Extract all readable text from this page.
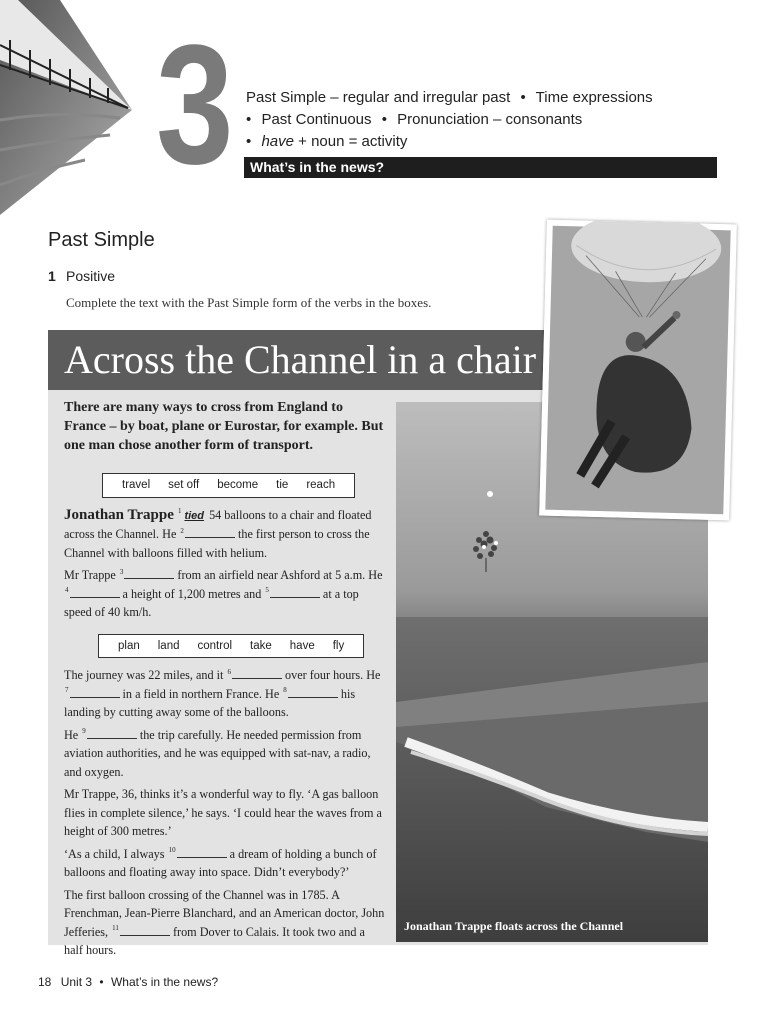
3 Past Simple – regular and irregular past • Time expressions
• Past Continuous • Pronunciation – consonants
• have + noun = activity
What’s in the news?
Past Simple
1 Positive
Complete the text with the Past Simple form of the verbs in the boxes.
Jonathan Trappe floats across the Channel
Across the Channel in a chair

There are many ways to cross from England to France – by boat, plane or Eurostar, for example. But one man chose another form of transport.

travel set off become tie reach

Jonathan Trappe $^1$ tied 54 balloons to a chair and floated across the Channel. He $^2$	the first person to cross the Channel with balloons filled with helium.

Mr Trappe $^3$	from an airfield near Ashford at 5 a.m. He $^4$	a height of 1,200 metres and $^5$	at a top speed of 40 km/h.

plan land control take have fly

The journey was 22 miles, and it $^6$	over four hours. He $^7$	in a field in northern France. He $^8$	his landing by cutting away some of the balloons.

He $^9$	the trip carefully. He needed permission from aviation authorities, and he was equipped with sat-nav, a radio, and oxygen.

Mr Trappe, 36, thinks it’s a wonderful way to fly. ‘A gas balloon flies in complete silence,’ he says. ‘I could hear the waves from a height of 300 metres.’

‘As a child, I always $^{10}$	a dream of holding a bunch of balloons and floating away into space. Didn’t everybody?’

The first balloon crossing of the Channel was in 1785. A Frenchman, Jean-Pierre Blanchard, and an American doctor, John Jefferies, $^{11}$	from Dover to Calais. It took two and a half hours.

18 Unit 3 • What’s in the news?
